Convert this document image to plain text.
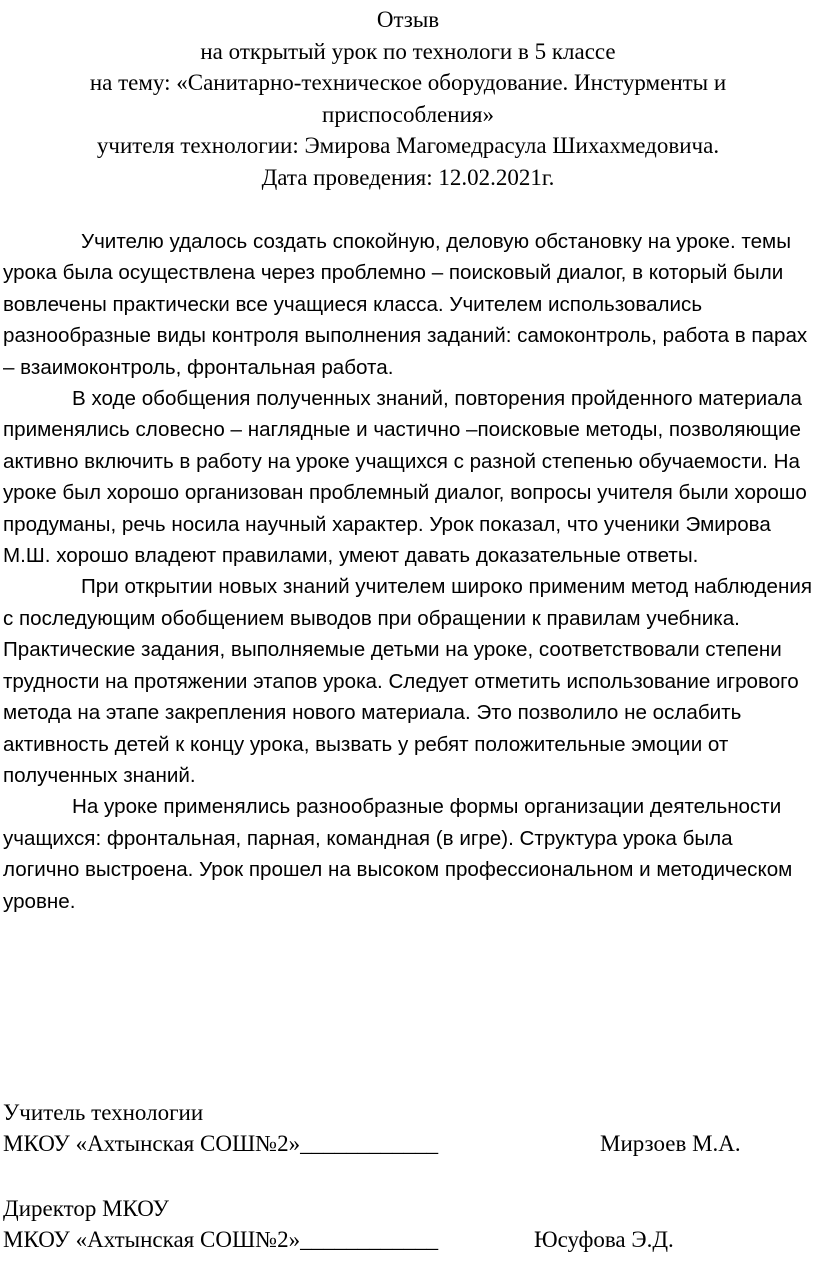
Отзыв
на открытый урок по технологи в 5 классе
на тему: «Санитарно-техническое оборудование. Инстурменты и
приспособления»
учителя технологии: Эмирова Магомедрасула Шихахмедовича.
Дата проведения: 12.02.2021г.

Учителю удалось создать спокойную, деловую обстановку на уроке. темы урока была осуществлена через проблемно – поисковый диалог, в который были вовлечены практически все учащиеся класса. Учителем использовались разнообразные виды контроля выполнения заданий: самоконтроль, работа в парах – взаимоконтроль, фронтальная работа.

В ходе обобщения полученных знаний, повторения пройденного материала применялись словесно – наглядные и частично –поисковые методы, позволяющие активно включить в работу на уроке учащихся с разной степенью обучаемости. На уроке был хорошо организован проблемный диалог, вопросы учителя были хорошо продуманы, речь носила научный характер. Урок показал, что ученики Эмирова М.Ш. хорошо владеют правилами, умеют давать доказательные ответы.

При открытии новых знаний учителем широко применим метод наблюдения с последующим обобщением выводов при обращении к правилам учебника. Практические задания, выполняемые детьми на уроке, соответствовали степени трудности на протяжении этапов урока. Следует отметить использование игрового метода на этапе закрепления нового материала. Это позволило не ослабить активность детей к концу урока, вызвать у ребят положительные эмоции от полученных знаний.

На уроке применялись разнообразные формы организации деятельности учащихся: фронтальная, парная, командная (в игре). Структура урока была логично выстроена. Урок прошел на высоком профессиональном и методическом уровне.

Учитель технологии
МКОУ «Ахтынская СОШ№2»____________	Мирзоев М.А.
Директор МКОУ
МКОУ «Ахтынская СОШ№2»____________	Юсуфова Э.Д.
